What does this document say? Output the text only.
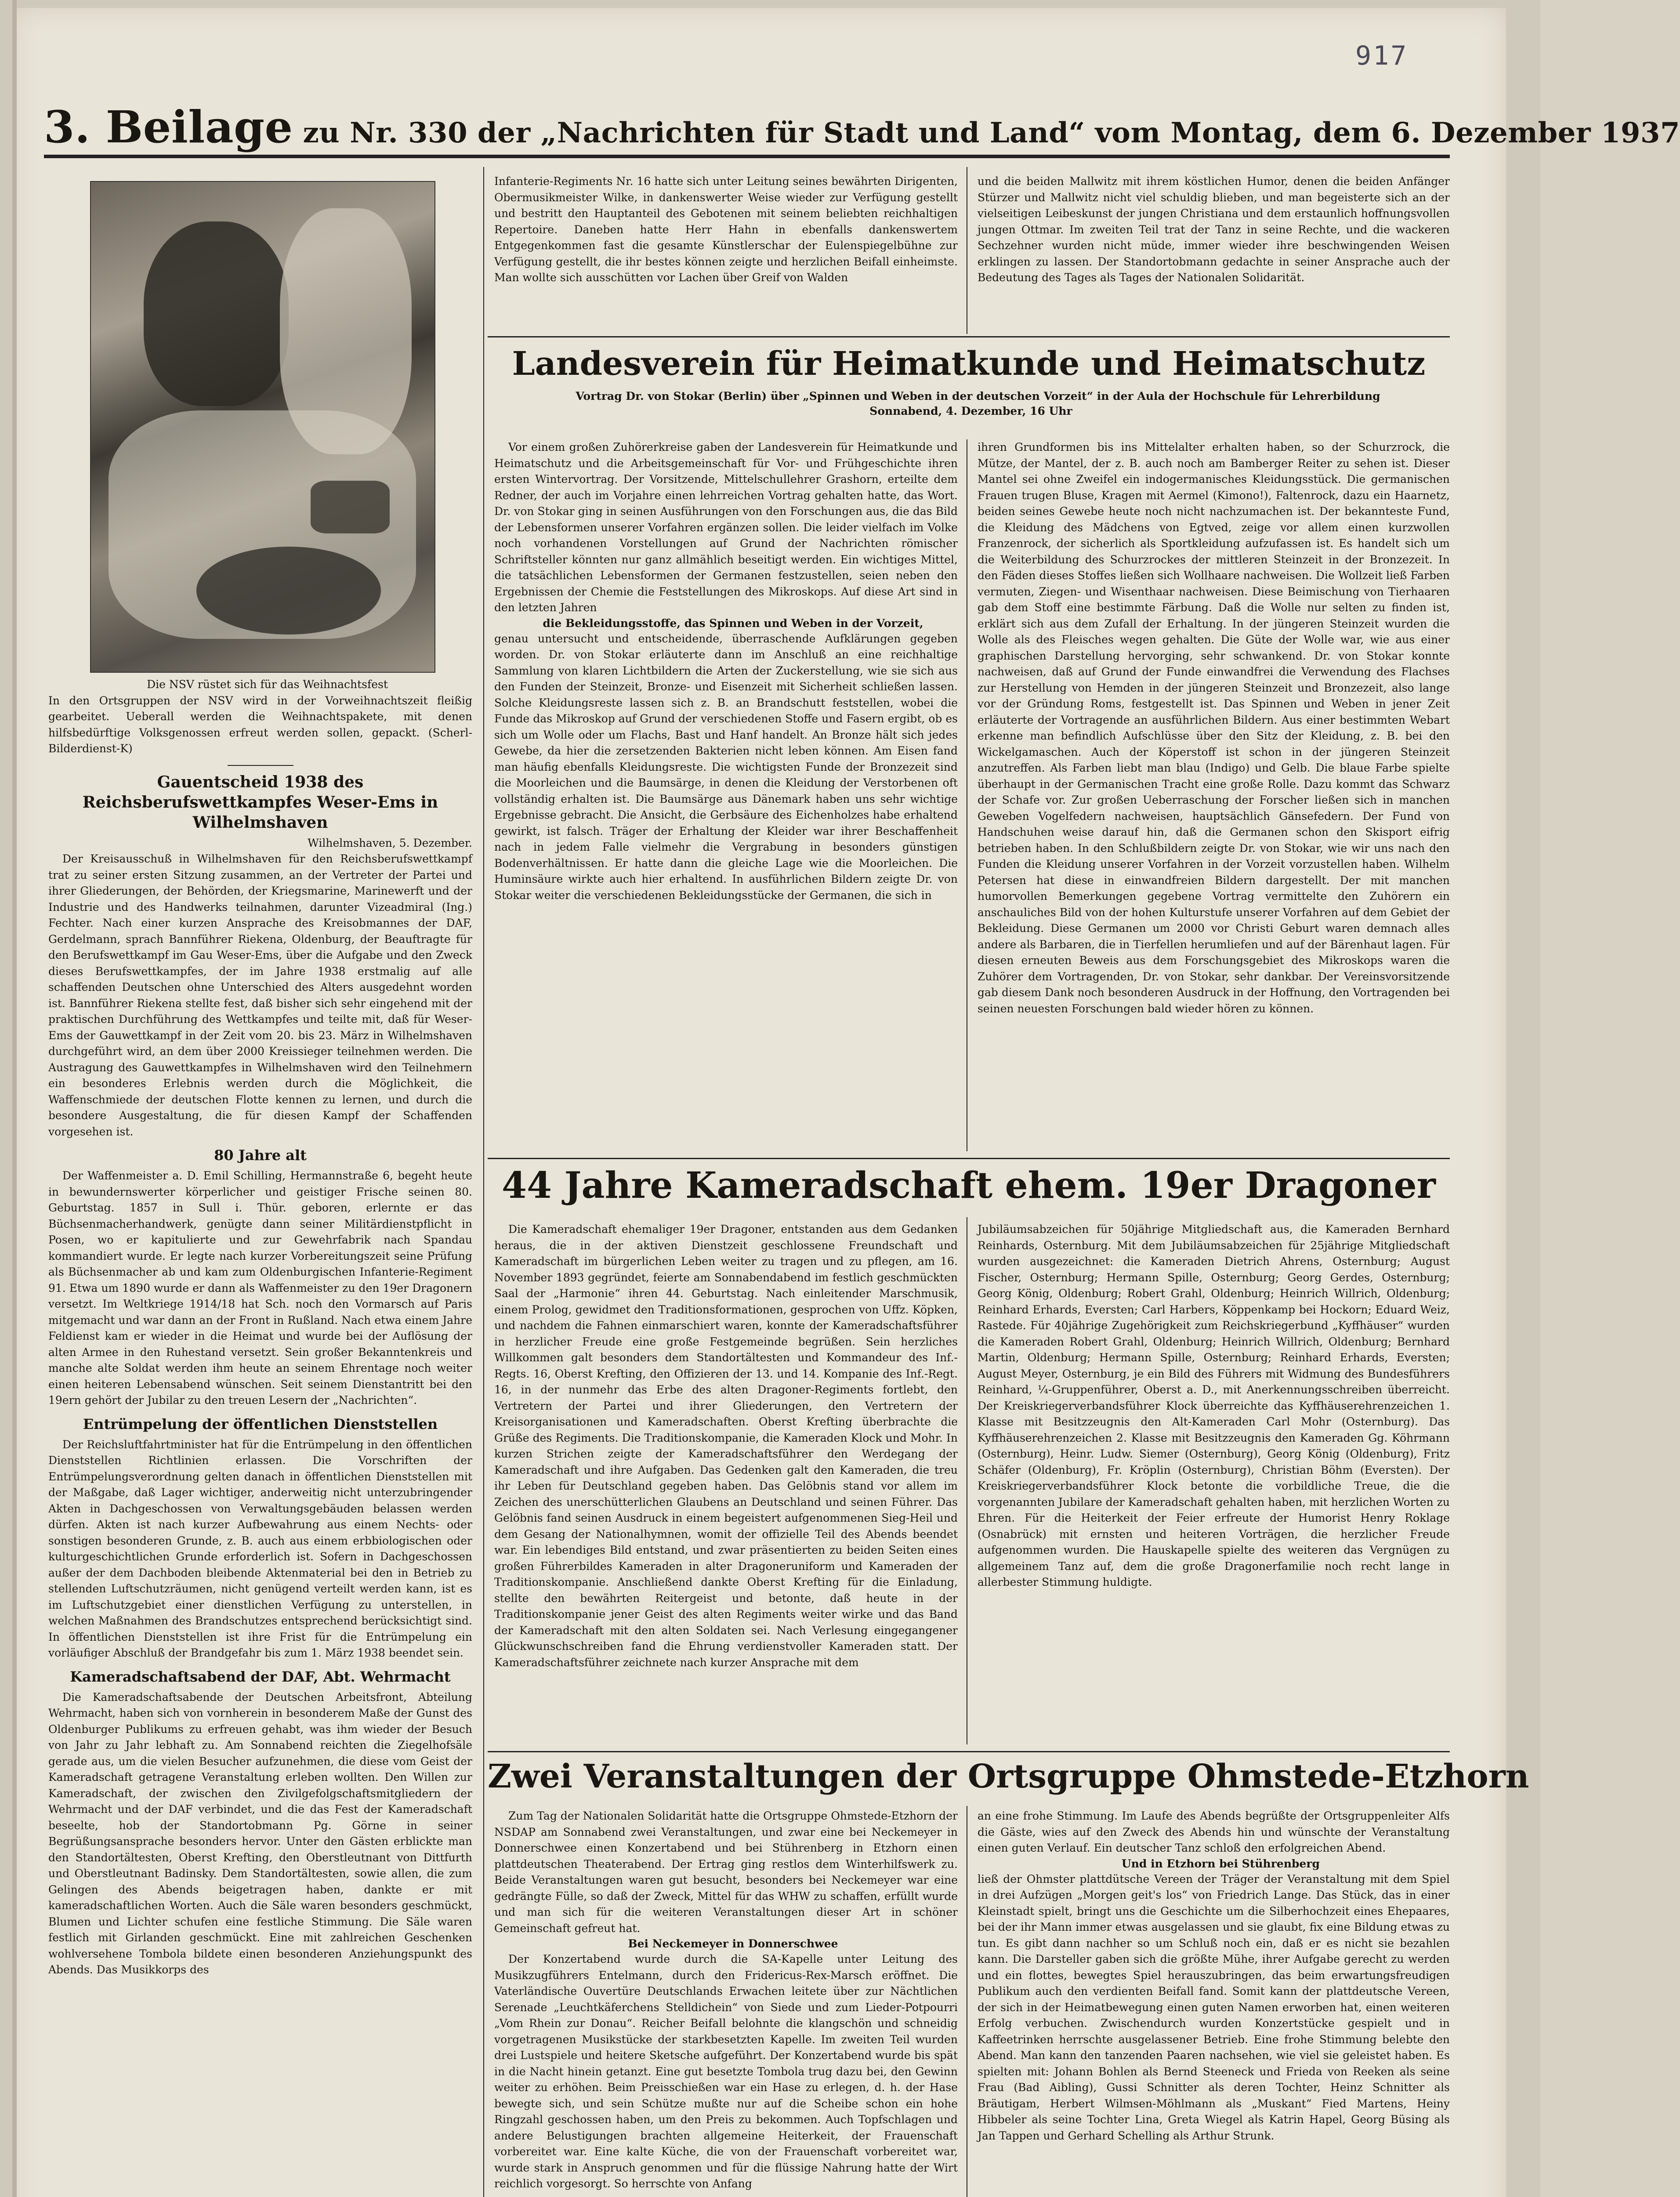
917
3. Beilage zu Nr. 330 der „Nachrichten für Stadt und Land“ vom Montag, dem 6. Dezember 1937

Die NSV rüstet sich für das Weihnachtsfest

In den Ortsgruppen der NSV wird in der Vorweihnachtszeit fleißig gearbeitet. Ueberall werden die Weihnachtspakete, mit denen hilfsbedürftige Volksgenossen erfreut werden sollen, gepackt. (Scherl-Bilderdienst-K)

Gauentscheid 1938 des Reichsberufswettkampfes Weser-Ems in Wilhelmshaven

Wilhelmshaven, 5. Dezember.

Der Kreisausschuß in Wilhelmshaven für den Reichsberufswettkampf trat zu seiner ersten Sitzung zusammen, an der Vertreter der Partei und ihrer Gliederungen, der Behörden, der Kriegsmarine, Marinewerft und der Industrie und des Handwerks teilnahmen, darunter Vizeadmiral (Ing.) Fechter. Nach einer kurzen Ansprache des Kreisobmannes der DAF, Gerdelmann, sprach Bannführer Riekena, Oldenburg, der Beauftragte für den Berufswettkampf im Gau Weser-Ems, über die Aufgabe und den Zweck dieses Berufswettkampfes, der im Jahre 1938 erstmalig auf alle schaffenden Deutschen ohne Unterschied des Alters ausgedehnt worden ist. Bannführer Riekena stellte fest, daß bisher sich sehr eingehend mit der praktischen Durchführung des Wettkampfes und teilte mit, daß für Weser-Ems der Gauwettkampf in der Zeit vom 20. bis 23. März in Wilhelmshaven durchgeführt wird, an dem über 2000 Kreissieger teilnehmen werden. Die Austragung des Gauwettkampfes in Wilhelmshaven wird den Teilnehmern ein besonderes Erlebnis werden durch die Möglichkeit, die Waffenschmiede der deutschen Flotte kennen zu lernen, und durch die besondere Ausgestaltung, die für diesen Kampf der Schaffenden vorgesehen ist.

80 Jahre alt

Der Waffenmeister a. D. Emil Schilling, Hermannstraße 6, begeht heute in bewundernswerter körperlicher und geistiger Frische seinen 80. Geburtstag. 1857 in Sull i. Thür. geboren, erlernte er das Büchsenmacherhandwerk, genügte dann seiner Militärdienstpflicht in Posen, wo er kapitulierte und zur Gewehrfabrik nach Spandau kommandiert wurde. Er legte nach kurzer Vorbereitungszeit seine Prüfung als Büchsenmacher ab und kam zum Oldenburgischen Infanterie-Regiment 91. Etwa um 1890 wurde er dann als Waffenmeister zu den 19er Dragonern versetzt. Im Weltkriege 1914/18 hat Sch. noch den Vormarsch auf Paris mitgemacht und war dann an der Front in Rußland. Nach etwa einem Jahre Feldienst kam er wieder in die Heimat und wurde bei der Auflösung der alten Armee in den Ruhestand versetzt. Sein großer Bekanntenkreis und manche alte Soldat werden ihm heute an seinem Ehrentage noch weiter einen heiteren Lebensabend wünschen. Seit seinem Dienstantritt bei den 19ern gehört der Jubilar zu den treuen Lesern der „Nachrichten“.

Entrümpelung der öffentlichen Dienststellen

Der Reichsluftfahrtminister hat für die Entrümpelung in den öffentlichen Dienststellen Richtlinien erlassen. Die Vorschriften der Entrümpelungsverordnung gelten danach in öffentlichen Dienststellen mit der Maßgabe, daß Lager wichtiger, anderweitig nicht unterzubringender Akten in Dachgeschossen von Verwaltungsgebäuden belassen werden dürfen. Akten ist nach kurzer Aufbewahrung aus einem Nechts- oder sonstigen besonderen Grunde, z. B. auch aus einem erbbiologischen oder kulturgeschichtlichen Grunde erforderlich ist. Sofern in Dachgeschossen außer der dem Dachboden bleibende Aktenmaterial bei den in Betrieb zu stellenden Luftschutzräumen, nicht genügend verteilt werden kann, ist es im Luftschutzgebiet einer dienstlichen Verfügung zu unterstellen, in welchen Maßnahmen des Brandschutzes entsprechend berücksichtigt sind. In öffentlichen Dienststellen ist ihre Frist für die Entrümpelung ein vorläufiger Abschluß der Brandgefahr bis zum 1. März 1938 beendet sein.

Kameradschaftsabend der DAF, Abt. Wehrmacht

Die Kameradschaftsabende der Deutschen Arbeitsfront, Abteilung Wehrmacht, haben sich von vornherein in besonderem Maße der Gunst des Oldenburger Publikums zu erfreuen gehabt, was ihm wieder der Besuch von Jahr zu Jahr lebhaft zu. Am Sonnabend reichten die Ziegelhofsäle gerade aus, um die vielen Besucher aufzunehmen, die diese vom Geist der Kameradschaft getragene Veranstaltung erleben wollten. Den Willen zur Kameradschaft, der zwischen den Zivilgefolgschaftsmitgliedern der Wehrmacht und der DAF verbindet, und die das Fest der Kameradschaft beseelte, hob der Standortobmann Pg. Görne in seiner Begrüßungsansprache besonders hervor. Unter den Gästen erblickte man den Standortältesten, Oberst Krefting, den Oberstleutnant von Dittfurth und Oberstleutnant Badinsky. Dem Standortältesten, sowie allen, die zum Gelingen des Abends beigetragen haben, dankte er mit kameradschaftlichen Worten. Auch die Säle waren besonders geschmückt, Blumen und Lichter schufen eine festliche Stimmung. Die Säle waren festlich mit Girlanden geschmückt. Eine mit zahlreichen Geschenken wohlversehene Tombola bildete einen besonderen Anziehungspunkt des Abends. Das Musikkorps des

Infanterie-Regiments Nr. 16 hatte sich unter Leitung seines bewährten Dirigenten, Obermusikmeister Wilke, in dankenswerter Weise wieder zur Verfügung gestellt und bestritt den Hauptanteil des Gebotenen mit seinem beliebten reichhaltigen Repertoire. Daneben hatte Herr Hahn in ebenfalls dankenswertem Entgegenkommen fast die gesamte Künstlerschar der Eulenspiegelbühne zur Verfügung gestellt, die ihr bestes können zeigte und herzlichen Beifall einheimste. Man wollte sich ausschütten vor Lachen über Greif von Walden

und die beiden Mallwitz mit ihrem köstlichen Humor, denen die beiden Anfänger Stürzer und Mallwitz nicht viel schuldig blieben, und man begeisterte sich an der vielseitigen Leibeskunst der jungen Christiana und dem erstaunlich hoffnungsvollen jungen Ottmar. Im zweiten Teil trat der Tanz in seine Rechte, und die wackeren Sechzehner wurden nicht müde, immer wieder ihre beschwingenden Weisen erklingen zu lassen. Der Standortobmann gedachte in seiner Ansprache auch der Bedeutung des Tages als Tages der Nationalen Solidarität.

Landesverein für Heimatkunde und Heimatschutz

Vortrag Dr. von Stokar (Berlin) über „Spinnen und Weben in der deutschen Vorzeit“ in der Aula der Hochschule für Lehrerbildung Sonnabend, 4. Dezember, 16 Uhr

Vor einem großen Zuhörerkreise gaben der Landesverein für Heimatkunde und Heimatschutz und die Arbeitsgemeinschaft für Vor- und Frühgeschichte ihren ersten Wintervortrag. Der Vorsitzende, Mittelschullehrer Grashorn, erteilte dem Redner, der auch im Vorjahre einen lehrreichen Vortrag gehalten hatte, das Wort. Dr. von Stokar ging in seinen Ausführungen von den Forschungen aus, die das Bild der Lebensformen unserer Vorfahren ergänzen sollen. Die leider vielfach im Volke noch vorhandenen Vorstellungen auf Grund der Nachrichten römischer Schriftsteller könnten nur ganz allmählich beseitigt werden. Ein wichtiges Mittel, die tatsächlichen Lebensformen der Germanen festzustellen, seien neben den Ergebnissen der Chemie die Feststellungen des Mikroskops. Auf diese Art sind in den letzten Jahren

die Bekleidungsstoffe, das Spinnen und Weben in der Vorzeit,

genau untersucht und entscheidende, überraschende Aufklärungen gegeben worden. Dr. von Stokar erläuterte dann im Anschluß an eine reichhaltige Sammlung von klaren Lichtbildern die Arten der Zuckerstellung, wie sie sich aus den Funden der Steinzeit, Bronze- und Eisenzeit mit Sicherheit schließen lassen. Solche Kleidungsreste lassen sich z. B. an Brandschutt feststellen, wobei die Funde das Mikroskop auf Grund der verschiedenen Stoffe und Fasern ergibt, ob es sich um Wolle oder um Flachs, Bast und Hanf handelt. An Bronze hält sich jedes Gewebe, da hier die zersetzenden Bakterien nicht leben können. Am Eisen fand man häufig ebenfalls Kleidungsreste. Die wichtigsten Funde der Bronzezeit sind die Moorleichen und die Baumsärge, in denen die Kleidung der Verstorbenen oft vollständig erhalten ist. Die Baumsärge aus Dänemark haben uns sehr wichtige Ergebnisse gebracht. Die Ansicht, die Gerbsäure des Eichenholzes habe erhaltend gewirkt, ist falsch. Träger der Erhaltung der Kleider war ihrer Beschaffenheit nach in jedem Falle vielmehr die Vergrabung in besonders günstigen Bodenverhältnissen. Er hatte dann die gleiche Lage wie die Moorleichen. Die Huminsäure wirkte auch hier erhaltend. In ausführlichen Bildern zeigte Dr. von Stokar weiter die verschiedenen Bekleidungsstücke der Germanen, die sich in

ihren Grundformen bis ins Mittelalter erhalten haben, so der Schurzrock, die Mütze, der Mantel, der z. B. auch noch am Bamberger Reiter zu sehen ist. Dieser Mantel sei ohne Zweifel ein indogermanisches Kleidungsstück. Die germanischen Frauen trugen Bluse, Kragen mit Aermel (Kimono!), Faltenrock, dazu ein Haarnetz, beiden seines Gewebe heute noch nicht nachzumachen ist. Der bekannteste Fund, die Kleidung des Mädchens von Egtved, zeige vor allem einen kurzwollen Franzenrock, der sicherlich als Sportkleidung aufzufassen ist. Es handelt sich um die Weiterbildung des Schurzrockes der mittleren Steinzeit in der Bronzezeit. In den Fäden dieses Stoffes ließen sich Wollhaare nachweisen. Die Wollzeit ließ Farben vermuten, Ziegen- und Wisenthaar nachweisen. Diese Beimischung von Tierhaaren gab dem Stoff eine bestimmte Färbung. Daß die Wolle nur selten zu finden ist, erklärt sich aus dem Zufall der Erhaltung. In der jüngeren Steinzeit wurden die Wolle als des Fleisches wegen gehalten. Die Güte der Wolle war, wie aus einer graphischen Darstellung hervorging, sehr schwankend. Dr. von Stokar konnte nachweisen, daß auf Grund der Funde einwandfrei die Verwendung des Flachses zur Herstellung von Hemden in der jüngeren Steinzeit und Bronzezeit, also lange vor der Gründung Roms, festgestellt ist. Das Spinnen und Weben in jener Zeit erläuterte der Vortragende an ausführlichen Bildern. Aus einer bestimmten Webart erkenne man befindlich Aufschlüsse über den Sitz der Kleidung, z. B. bei den Wickelgamaschen. Auch der Köperstoff ist schon in der jüngeren Steinzeit anzutreffen. Als Farben liebt man blau (Indigo) und Gelb. Die blaue Farbe spielte überhaupt in der Germanischen Tracht eine große Rolle. Dazu kommt das Schwarz der Schafe vor. Zur großen Ueberraschung der Forscher ließen sich in manchen Geweben Vogelfedern nachweisen, hauptsächlich Gänsefedern. Der Fund von Handschuhen weise darauf hin, daß die Germanen schon den Skisport eifrig betrieben haben. In den Schlußbildern zeigte Dr. von Stokar, wie wir uns nach den Funden die Kleidung unserer Vorfahren in der Vorzeit vorzustellen haben. Wilhelm Petersen hat diese in einwandfreien Bildern dargestellt. Der mit manchen humorvollen Bemerkungen gegebene Vortrag vermittelte den Zuhörern ein anschauliches Bild von der hohen Kulturstufe unserer Vorfahren auf dem Gebiet der Bekleidung. Diese Germanen um 2000 vor Christi Geburt waren demnach alles andere als Barbaren, die in Tierfellen herumliefen und auf der Bärenhaut lagen. Für diesen erneuten Beweis aus dem Forschungsgebiet des Mikroskops waren die Zuhörer dem Vortragenden, Dr. von Stokar, sehr dankbar. Der Vereinsvorsitzende gab diesem Dank noch besonderen Ausdruck in der Hoffnung, den Vortragenden bei seinen neuesten Forschungen bald wieder hören zu können.

44 Jahre Kameradschaft ehem. 19er Dragoner

Die Kameradschaft ehemaliger 19er Dragoner, entstanden aus dem Gedanken heraus, die in der aktiven Dienstzeit geschlossene Freundschaft und Kameradschaft im bürgerlichen Leben weiter zu tragen und zu pflegen, am 16. November 1893 gegründet, feierte am Sonnabendabend im festlich geschmückten Saal der „Harmonie“ ihren 44. Geburtstag. Nach einleitender Marschmusik, einem Prolog, gewidmet den Traditionsformationen, gesprochen von Uffz. Köpken, und nachdem die Fahnen einmarschiert waren, konnte der Kameradschaftsführer in herzlicher Freude eine große Festgemeinde begrüßen. Sein herzliches Willkommen galt besonders dem Standortältesten und Kommandeur des Inf.-Regts. 16, Oberst Krefting, den Offizieren der 13. und 14. Kompanie des Inf.-Regt. 16, in der nunmehr das Erbe des alten Dragoner-Regiments fortlebt, den Vertretern der Partei und ihrer Gliederungen, den Vertretern der Kreisorganisationen und Kameradschaften. Oberst Krefting überbrachte die Grüße des Regiments. Die Traditionskompanie, die Kameraden Klock und Mohr. In kurzen Strichen zeigte der Kameradschaftsführer den Werdegang der Kameradschaft und ihre Aufgaben. Das Gedenken galt den Kameraden, die treu ihr Leben für Deutschland gegeben haben. Das Gelöbnis stand vor allem im Zeichen des unerschütterlichen Glaubens an Deutschland und seinen Führer. Das Gelöbnis fand seinen Ausdruck in einem begeistert aufgenommenen Sieg-Heil und dem Gesang der Nationalhymnen, womit der offizielle Teil des Abends beendet war. Ein lebendiges Bild entstand, und zwar präsentierten zu beiden Seiten eines großen Führerbildes Kameraden in alter Dragoneruniform und Kameraden der Traditionskompanie. Anschließend dankte Oberst Krefting für die Einladung, stellte den bewährten Reitergeist und betonte, daß heute in der Traditionskompanie jener Geist des alten Regiments weiter wirke und das Band der Kameradschaft mit den alten Soldaten sei. Nach Verlesung eingegangener Glückwunschschreiben fand die Ehrung verdienstvoller Kameraden statt. Der Kameradschaftsführer zeichnete nach kurzer Ansprache mit dem

Jubiläumsabzeichen für 50jährige Mitgliedschaft aus, die Kameraden Bernhard Reinhards, Osternburg. Mit dem Jubiläumsabzeichen für 25jährige Mitgliedschaft wurden ausgezeichnet: die Kameraden Dietrich Ahrens, Osternburg; August Fischer, Osternburg; Hermann Spille, Osternburg; Georg Gerdes, Osternburg; Georg König, Oldenburg; Robert Grahl, Oldenburg; Heinrich Willrich, Oldenburg; Reinhard Erhards, Eversten; Carl Harbers, Köppenkamp bei Hockorn; Eduard Weiz, Rastede. Für 40jährige Zugehörigkeit zum Reichskriegerbund „Kyffhäuser“ wurden die Kameraden Robert Grahl, Oldenburg; Heinrich Willrich, Oldenburg; Bernhard Martin, Oldenburg; Hermann Spille, Osternburg; Reinhard Erhards, Eversten; August Meyer, Osternburg, je ein Bild des Führers mit Widmung des Bundesführers Reinhard, ¼-Gruppenführer, Oberst a. D., mit Anerkennungsschreiben überreicht. Der Kreiskriegerverbandsführer Klock überreichte das Kyffhäuserehrenzeichen 1. Klasse mit Besitzzeugnis den Alt-Kameraden Carl Mohr (Osternburg). Das Kyffhäuserehrenzeichen 2. Klasse mit Besitzzeugnis den Kameraden Gg. Köhrmann (Osternburg), Heinr. Ludw. Siemer (Osternburg), Georg König (Oldenburg), Fritz Schäfer (Oldenburg), Fr. Kröplin (Osternburg), Christian Böhm (Eversten). Der Kreiskriegerverbandsführer Klock betonte die vorbildliche Treue, die die vorgenannten Jubilare der Kameradschaft gehalten haben, mit herzlichen Worten zu Ehren. Für die Heiterkeit der Feier erfreute der Humorist Henry Roklage (Osnabrück) mit ernsten und heiteren Vorträgen, die herzlicher Freude aufgenommen wurden. Die Hauskapelle spielte des weiteren das Vergnügen zu allgemeinem Tanz auf, dem die große Dragonerfamilie noch recht lange in allerbester Stimmung huldigte.

Zwei Veranstaltungen der Ortsgruppe Ohmstede-Etzhorn

Zum Tag der Nationalen Solidarität hatte die Ortsgruppe Ohmstede-Etzhorn der NSDAP am Sonnabend zwei Veranstaltungen, und zwar eine bei Neckemeyer in Donnerschwee einen Konzertabend und bei Stührenberg in Etzhorn einen plattdeutschen Theaterabend. Der Ertrag ging restlos dem Winterhilfswerk zu. Beide Veranstaltungen waren gut besucht, besonders bei Neckemeyer war eine gedrängte Fülle, so daß der Zweck, Mittel für das WHW zu schaffen, erfüllt wurde und man sich für die weiteren Veranstaltungen dieser Art in schöner Gemeinschaft gefreut hat.

Bei Neckemeyer in Donnerschwee

Der Konzertabend wurde durch die SA-Kapelle unter Leitung des Musikzugführers Entelmann, durch den Fridericus-Rex-Marsch eröffnet. Die Vaterländische Ouvertüre Deutschlands Erwachen leitete über zur Nächtlichen Serenade „Leuchtkäferchens Stelldichein“ von Siede und zum Lieder-Potpourri „Vom Rhein zur Donau“. Reicher Beifall belohnte die klangschön und schneidig vorgetragenen Musikstücke der starkbesetzten Kapelle. Im zweiten Teil wurden drei Lustspiele und heitere Sketsche aufgeführt. Der Konzertabend wurde bis spät in die Nacht hinein getanzt. Eine gut besetzte Tombola trug dazu bei, den Gewinn weiter zu erhöhen. Beim Preisschießen war ein Hase zu erlegen, d. h. der Hase bewegte sich, und sein Schütze mußte nur auf die Scheibe schon ein hohe Ringzahl geschossen haben, um den Preis zu bekommen. Auch Topfschlagen und andere Belustigungen brachten allgemeine Heiterkeit, der Frauenschaft vorbereitet war. Eine kalte Küche, die von der Frauenschaft vorbereitet war, wurde stark in Anspruch genommen und für die flüssige Nahrung hatte der Wirt reichlich vorgesorgt. So herrschte von Anfang

an eine frohe Stimmung. Im Laufe des Abends begrüßte der Ortsgruppenleiter Alfs die Gäste, wies auf den Zweck des Abends hin und wünschte der Veranstaltung einen guten Verlauf. Ein deutscher Tanz schloß den erfolgreichen Abend.

Und in Etzhorn bei Stührenberg

ließ der Ohmster plattdütsche Vereen der Träger der Veranstaltung mit dem Spiel in drei Aufzügen „Morgen geit's los“ von Friedrich Lange. Das Stück, das in einer Kleinstadt spielt, bringt uns die Geschichte um die Silberhochzeit eines Ehepaares, bei der ihr Mann immer etwas ausgelassen und sie glaubt, fix eine Bildung etwas zu tun. Es gibt dann nachher so um Schluß noch ein, daß er es nicht sie bezahlen kann. Die Darsteller gaben sich die größte Mühe, ihrer Aufgabe gerecht zu werden und ein flottes, bewegtes Spiel herauszubringen, das beim erwartungsfreudigen Publikum auch den verdienten Beifall fand. Somit kann der plattdeutsche Vereen, der sich in der Heimatbewegung einen guten Namen erworben hat, einen weiteren Erfolg verbuchen. Zwischendurch wurden Konzertstücke gespielt und in Kaffeetrinken herrschte ausgelassener Betrieb. Eine frohe Stimmung belebte den Abend. Man kann den tanzenden Paaren nachsehen, wie viel sie geleistet haben. Es spielten mit: Johann Bohlen als Bernd Steeneck und Frieda von Reeken als seine Frau (Bad Aibling), Gussi Schnitter als deren Tochter, Heinz Schnitter als Bräutigam, Herbert Wilmsen-Möhlmann als „Muskant“ Fied Martens, Heiny Hibbeler als seine Tochter Lina, Greta Wiegel als Katrin Hapel, Georg Büsing als Jan Tappen und Gerhard Schelling als Arthur Strunk.
